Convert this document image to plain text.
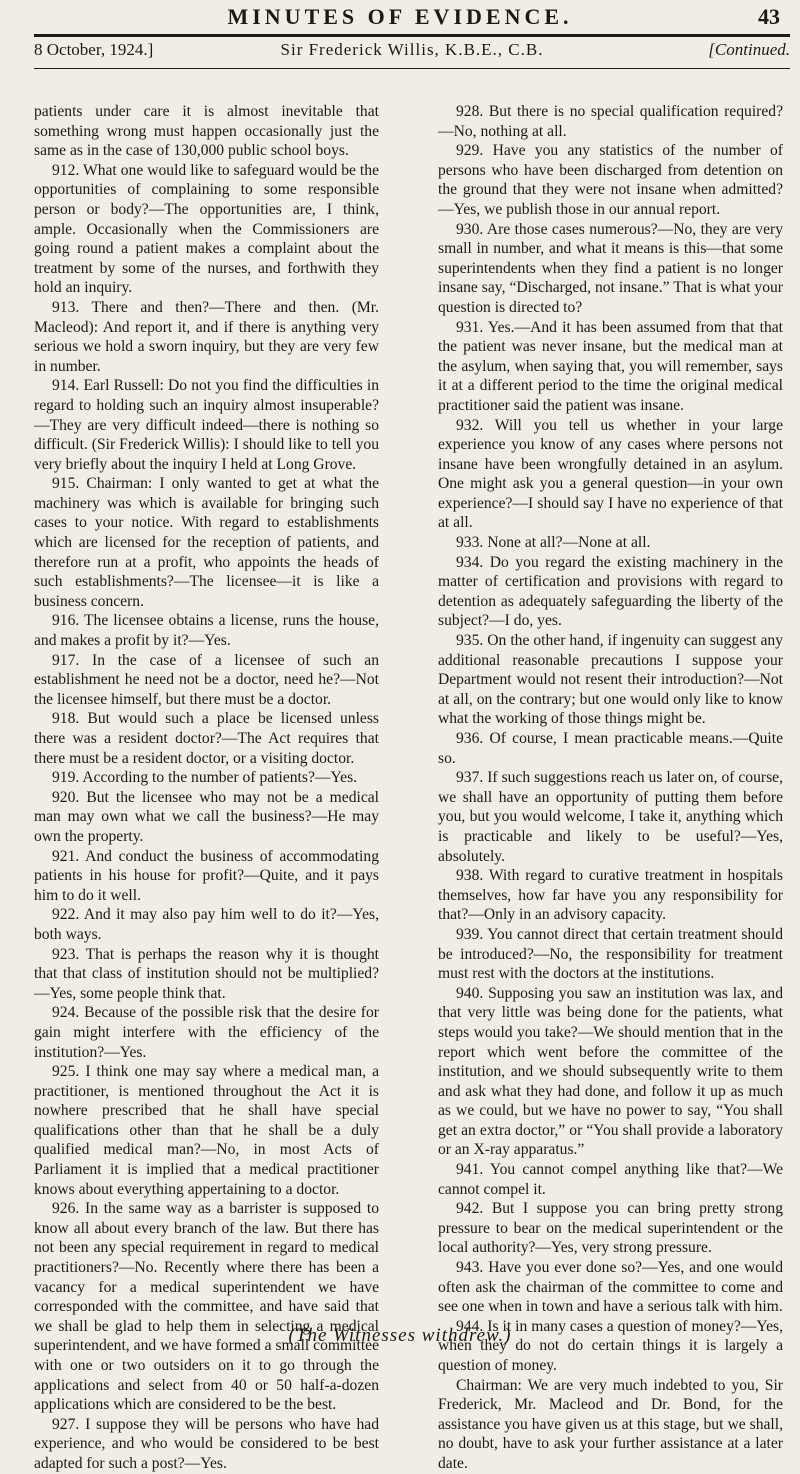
MINUTES OF EVIDENCE.	43
8 October, 1924.]	Sir Frederick Willis, K.B.E., C.B.	[Continued.

patients under care it is almost inevitable that something wrong must happen occasionally just the same as in the case of 130,000 public school boys.

912. What one would like to safeguard would be the opportunities of complaining to some responsible person or body?—The opportunities are, I think, ample. Occasionally when the Commissioners are going round a patient makes a complaint about the treatment by some of the nurses, and forthwith they hold an inquiry.

913. There and then?—There and then. (Mr. Macleod): And report it, and if there is anything very serious we hold a sworn inquiry, but they are very few in number.

914. Earl Russell: Do not you find the difficulties in regard to holding such an inquiry almost insuperable?—They are very difficult indeed—there is nothing so difficult. (Sir Frederick Willis): I should like to tell you very briefly about the inquiry I held at Long Grove.

915. Chairman: I only wanted to get at what the machinery was which is available for bringing such cases to your notice. With regard to establishments which are licensed for the reception of patients, and therefore run at a profit, who appoints the heads of such establishments?—The licensee—it is like a business concern.

916. The licensee obtains a license, runs the house, and makes a profit by it?—Yes.

917. In the case of a licensee of such an establishment he need not be a doctor, need he?—Not the licensee himself, but there must be a doctor.

918. But would such a place be licensed unless there was a resident doctor?—The Act requires that there must be a resident doctor, or a visiting doctor.

919. According to the number of patients?—Yes.

920. But the licensee who may not be a medical man may own what we call the business?—He may own the property.

921. And conduct the business of accommodating patients in his house for profit?—Quite, and it pays him to do it well.

922. And it may also pay him well to do it?—Yes, both ways.

923. That is perhaps the reason why it is thought that that class of institution should not be multiplied?—Yes, some people think that.

924. Because of the possible risk that the desire for gain might interfere with the efficiency of the institution?—Yes.

925. I think one may say where a medical man, a practitioner, is mentioned throughout the Act it is nowhere prescribed that he shall have special qualifications other than that he shall be a duly qualified medical man?—No, in most Acts of Parliament it is implied that a medical practitioner knows about everything appertaining to a doctor.

926. In the same way as a barrister is supposed to know all about every branch of the law. But there has not been any special requirement in regard to medical practitioners?—No. Recently where there has been a vacancy for a medical superintendent we have corresponded with the committee, and have said that we shall be glad to help them in selecting a medical superintendent, and we have formed a small committee with one or two outsiders on it to go through the applications and select from 40 or 50 half-a-dozen applications which are considered to be the best.

927. I suppose they will be persons who have had experience, and who would be considered to be best adapted for such a post?—Yes.

928. But there is no special qualification required?—No, nothing at all.

929. Have you any statistics of the number of persons who have been discharged from detention on the ground that they were not insane when admitted?—Yes, we publish those in our annual report.

930. Are those cases numerous?—No, they are very small in number, and what it means is this—that some superintendents when they find a patient is no longer insane say, “Discharged, not insane.” That is what your question is directed to?

931. Yes.—And it has been assumed from that that the patient was never insane, but the medical man at the asylum, when saying that, you will remember, says it at a different period to the time the original medical practitioner said the patient was insane.

932. Will you tell us whether in your large experience you know of any cases where persons not insane have been wrongfully detained in an asylum. One might ask you a general question—in your own experience?—I should say I have no experience of that at all.

933. None at all?—None at all.

934. Do you regard the existing machinery in the matter of certification and provisions with regard to detention as adequately safeguarding the liberty of the subject?—I do, yes.

935. On the other hand, if ingenuity can suggest any additional reasonable precautions I suppose your Department would not resent their introduction?—Not at all, on the contrary; but one would only like to know what the working of those things might be.

936. Of course, I mean practicable means.—Quite so.

937. If such suggestions reach us later on, of course, we shall have an opportunity of putting them before you, but you would welcome, I take it, anything which is practicable and likely to be useful?—Yes, absolutely.

938. With regard to curative treatment in hospitals themselves, how far have you any responsibility for that?—Only in an advisory capacity.

939. You cannot direct that certain treatment should be introduced?—No, the responsibility for treatment must rest with the doctors at the institutions.

940. Supposing you saw an institution was lax, and that very little was being done for the patients, what steps would you take?—We should mention that in the report which went before the committee of the institution, and we should subsequently write to them and ask what they had done, and follow it up as much as we could, but we have no power to say, “You shall get an extra doctor,” or “You shall provide a laboratory or an X-ray apparatus.”

941. You cannot compel anything like that?—We cannot compel it.

942. But I suppose you can bring pretty strong pressure to bear on the medical superintendent or the local authority?—Yes, very strong pressure.

943. Have you ever done so?—Yes, and one would often ask the chairman of the committee to come and see one when in town and have a serious talk with him.

944. Is it in many cases a question of money?—Yes, when they do not do certain things it is largely a question of money.

Chairman: We are very much indebted to you, Sir Frederick, Mr. Macleod and Dr. Bond, for the assistance you have given us at this stage, but we shall, no doubt, have to ask your further assistance at a later date.

(The Witnesses withdrew.)
